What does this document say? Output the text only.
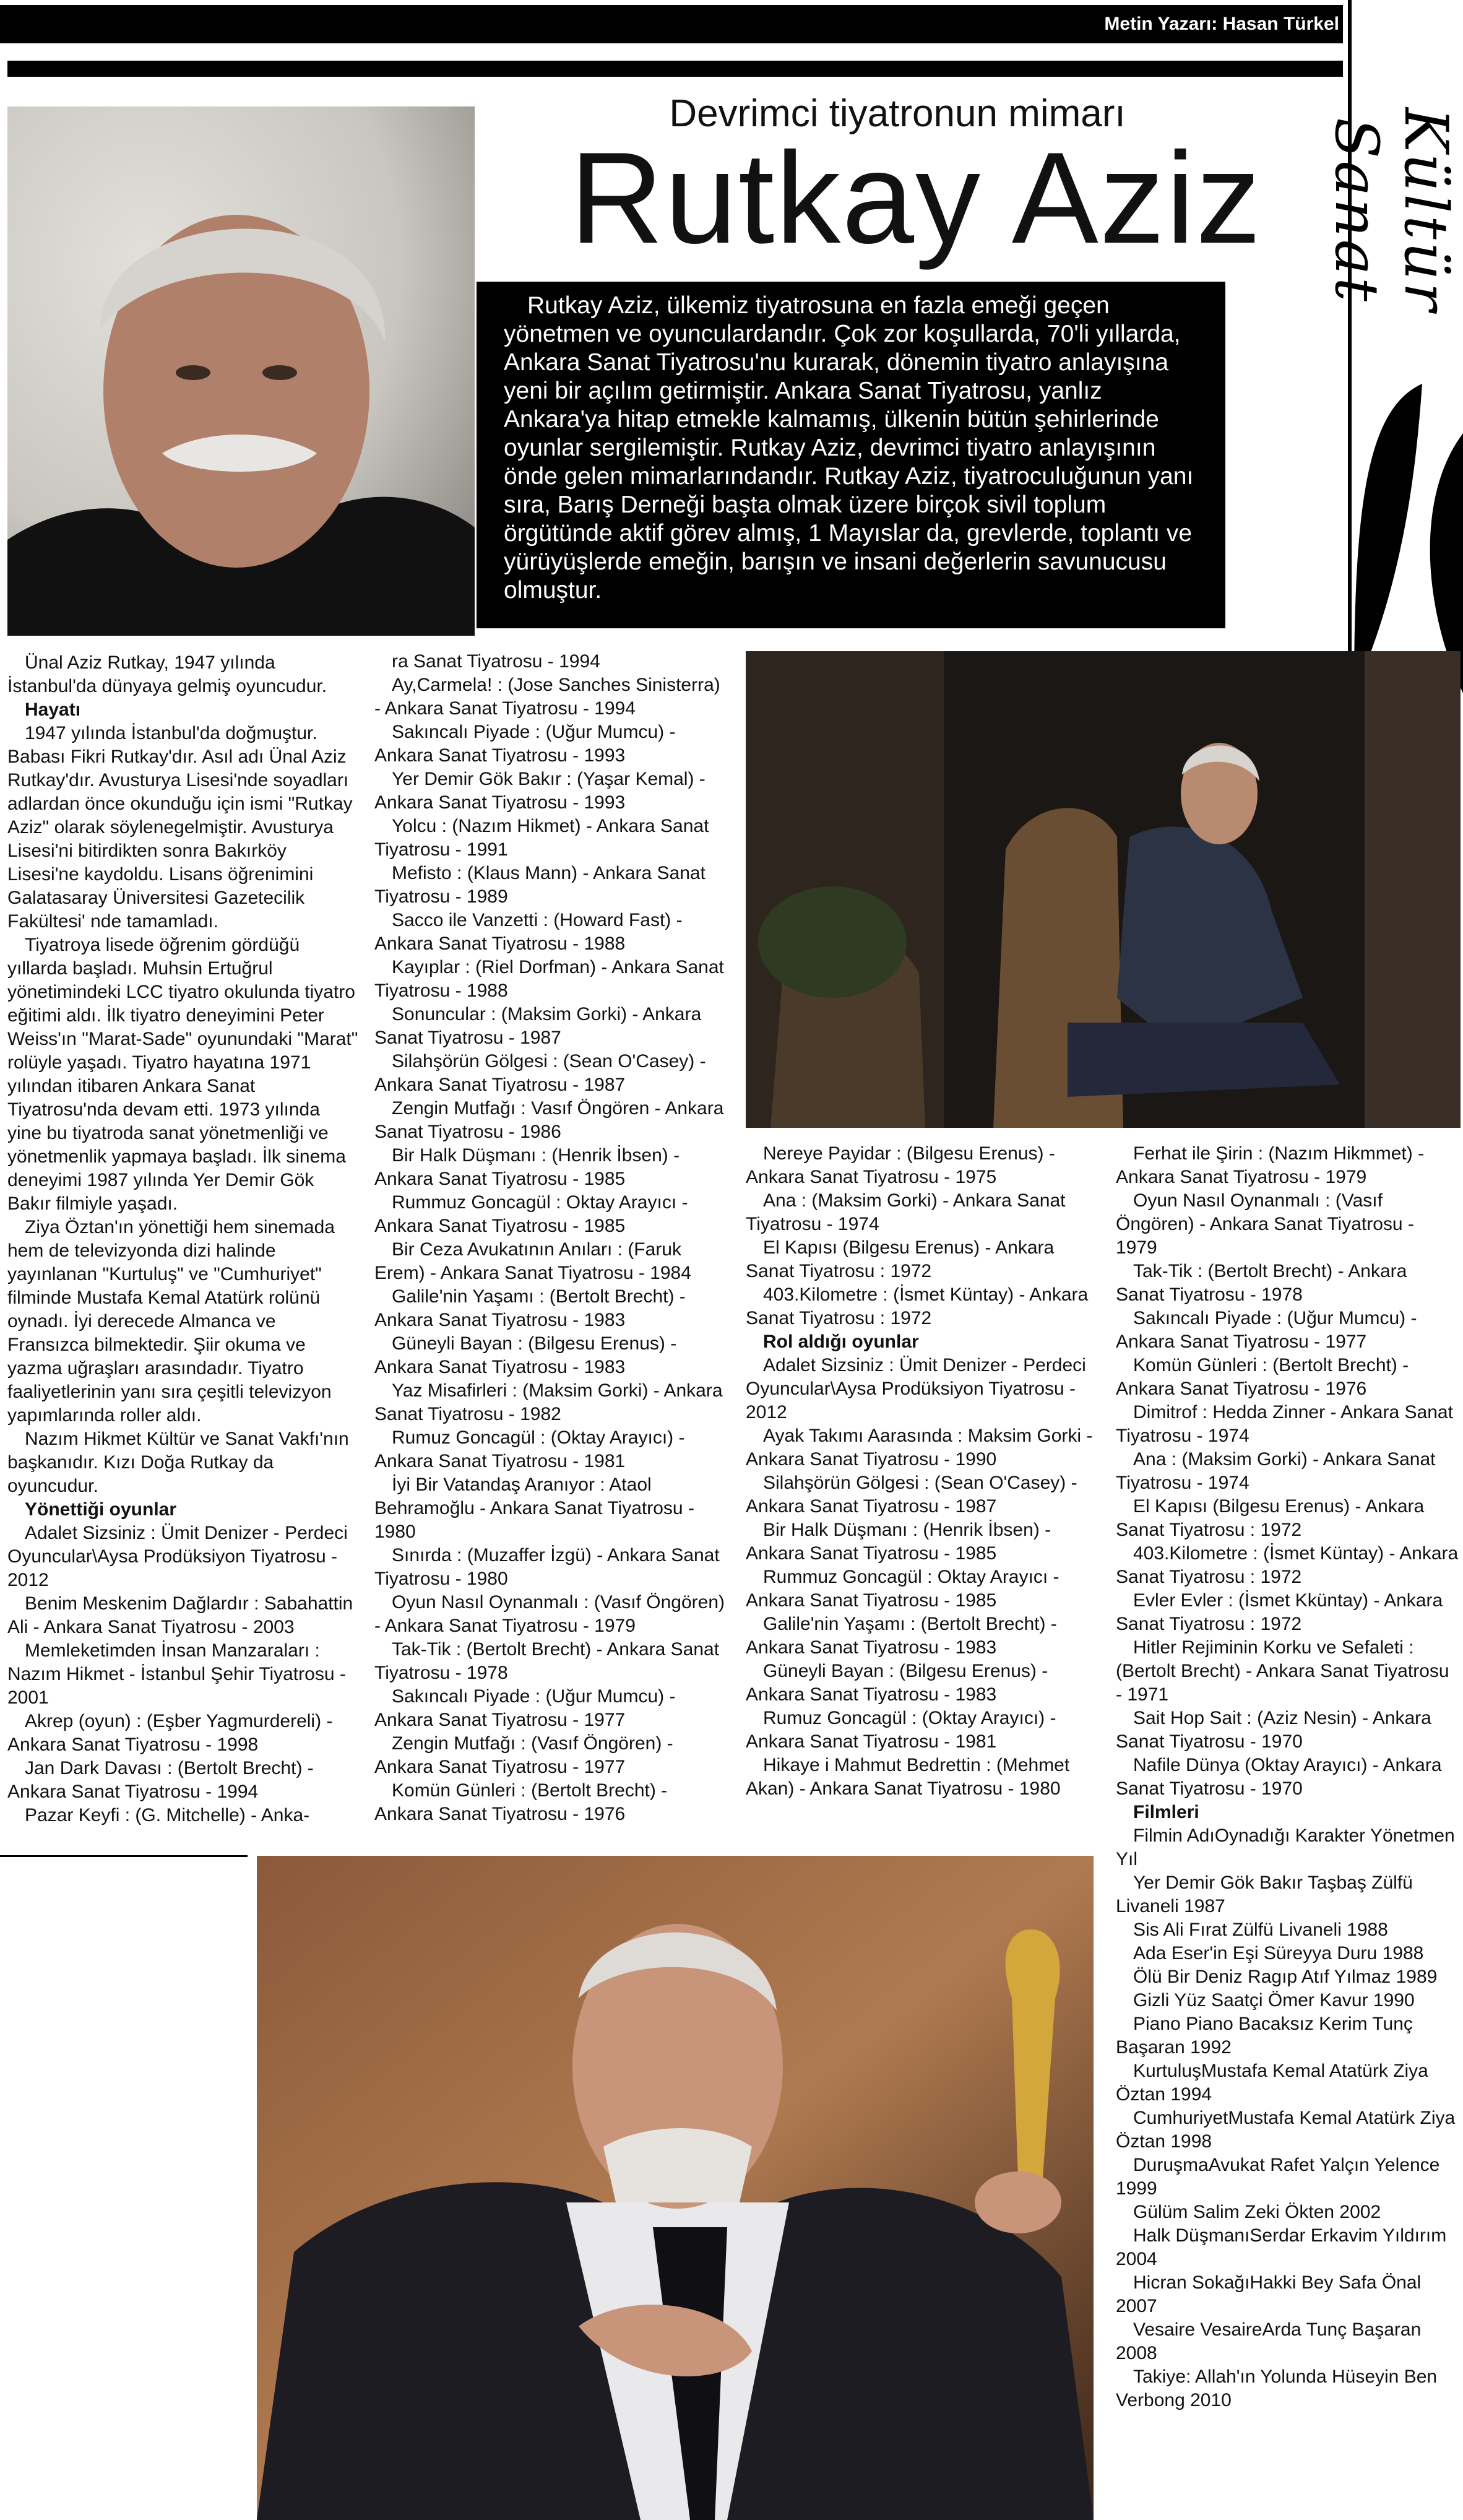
Metin Yazarı: Hasan Türkel
Kültür Sanat
Devrimci tiyatronun mimarı
Rutkay Aziz

Rutkay Aziz, ülkemiz tiyatrosuna en fazla emeği geçen yönetmen ve oyunculardandır. Çok zor koşullarda, 70'li yıllarda, Ankara Sanat Tiyatrosu'nu kurarak, dönemin tiyatro anlayışına yeni bir açılım getirmiştir. Ankara Sanat Tiyatrosu, yanlız Ankara'ya hitap etmekle kalmamış, ülkenin bütün şehirlerinde oyunlar sergilemiştir. Rutkay Aziz, devrimci tiyatro anlayışının önde gelen mimarlarındandır. Rutkay Aziz, tiyatroculuğunun yanı sıra, Barış Derneği başta olmak üzere birçok sivil toplum örgütünde aktif görev almış, 1 Mayıslar da, grevlerde, toplantı ve yürüyüşlerde emeğin, barışın ve insani değerlerin savunucusu olmuştur.

Ünal Aziz Rutkay, 1947 yılında İstanbul'da dünyaya gelmiş oyuncudur.

Hayatı

1947 yılında İstanbul'da doğmuştur. Babası Fikri Rutkay'dır. Asıl adı Ünal Aziz Rutkay'dır. Avusturya Lisesi'nde soyadları adlardan önce okunduğu için ismi "Rutkay Aziz" olarak söylenegelmiştir. Avusturya Lisesi'ni bitirdikten sonra Bakırköy Lisesi'ne kaydoldu. Lisans öğrenimini Galatasaray Üniversitesi Gazetecilik Fakültesi' nde tamamladı.

Tiyatroya lisede öğrenim gördüğü yıllarda başladı. Muhsin Ertuğrul yönetimindeki LCC tiyatro okulunda tiyatro eğitimi aldı. İlk tiyatro deneyimini Peter Weiss'ın "Marat-Sade" oyunundaki "Marat" rolüyle yaşadı. Tiyatro hayatına 1971 yılından itibaren Ankara Sanat Tiyatrosu'nda devam etti. 1973 yılında yine bu tiyatroda sanat yönetmenliği ve yönetmenlik yapmaya başladı. İlk sinema deneyimi 1987 yılında Yer Demir Gök Bakır filmiyle yaşadı.

Ziya Öztan'ın yönettiği hem sinemada hem de televizyonda dizi halinde yayınlanan "Kurtuluş" ve "Cumhuriyet" filminde Mustafa Kemal Atatürk rolünü oynadı. İyi derecede Almanca ve Fransızca bilmektedir. Şiir okuma ve yazma uğraşları arasındadır. Tiyatro faaliyetlerinin yanı sıra çeşitli televizyon yapımlarında roller aldı.

Nazım Hikmet Kültür ve Sanat Vakfı'nın başkanıdır. Kızı Doğa Rutkay da oyuncudur.

Yönettiği oyunlar

Adalet Sizsiniz : Ümit Denizer - Perdeci Oyuncular\Aysa Prodüksiyon Tiyatrosu - 2012

Benim Meskenim Dağlardır : Sabahattin Ali - Ankara Sanat Tiyatrosu - 2003

Memleketimden İnsan Manzaraları : Nazım Hikmet - İstanbul Şehir Tiyatrosu - 2001

Akrep (oyun) : (Eşber Yagmurdereli) - Ankara Sanat Tiyatrosu - 1998

Jan Dark Davası : (Bertolt Brecht) - Ankara Sanat Tiyatrosu - 1994

Pazar Keyfi : (G. Mitchelle) - Anka-

ra Sanat Tiyatrosu - 1994

Ay,Carmela! : (Jose Sanches Sinisterra) - Ankara Sanat Tiyatrosu - 1994

Sakıncalı Piyade : (Uğur Mumcu) - Ankara Sanat Tiyatrosu - 1993

Yer Demir Gök Bakır : (Yaşar Kemal) - Ankara Sanat Tiyatrosu - 1993

Yolcu : (Nazım Hikmet) - Ankara Sanat Tiyatrosu - 1991

Mefisto : (Klaus Mann) - Ankara Sanat Tiyatrosu - 1989

Sacco ile Vanzetti : (Howard Fast) - Ankara Sanat Tiyatrosu - 1988

Kayıplar : (Riel Dorfman) - Ankara Sanat Tiyatrosu - 1988

Sonuncular : (Maksim Gorki) - Ankara Sanat Tiyatrosu - 1987

Silahşörün Gölgesi : (Sean O'Casey) - Ankara Sanat Tiyatrosu - 1987

Zengin Mutfağı : Vasıf Öngören - Ankara Sanat Tiyatrosu - 1986

Bir Halk Düşmanı : (Henrik İbsen) - Ankara Sanat Tiyatrosu - 1985

Rummuz Goncagül : Oktay Arayıcı - Ankara Sanat Tiyatrosu - 1985

Bir Ceza Avukatının Anıları : (Faruk Erem) - Ankara Sanat Tiyatrosu - 1984

Galile'nin Yaşamı : (Bertolt Brecht) - Ankara Sanat Tiyatrosu - 1983

Güneyli Bayan : (Bilgesu Erenus) - Ankara Sanat Tiyatrosu - 1983

Yaz Misafirleri : (Maksim Gorki) - Ankara Sanat Tiyatrosu - 1982

Rumuz Goncagül : (Oktay Arayıcı) - Ankara Sanat Tiyatrosu - 1981

İyi Bir Vatandaş Aranıyor : Ataol Behramoğlu - Ankara Sanat Tiyatrosu - 1980

Sınırda : (Muzaffer İzgü) - Ankara Sanat Tiyatrosu - 1980

Oyun Nasıl Oynanmalı : (Vasıf Öngören) - Ankara Sanat Tiyatrosu - 1979

Tak-Tik : (Bertolt Brecht) - Ankara Sanat Tiyatrosu - 1978

Sakıncalı Piyade : (Uğur Mumcu) - Ankara Sanat Tiyatrosu - 1977

Zengin Mutfağı : (Vasıf Öngören) - Ankara Sanat Tiyatrosu - 1977

Komün Günleri : (Bertolt Brecht) - Ankara Sanat Tiyatrosu - 1976

Nereye Payidar : (Bilgesu Erenus) - Ankara Sanat Tiyatrosu - 1975

Ana : (Maksim Gorki) - Ankara Sanat Tiyatrosu - 1974

El Kapısı (Bilgesu Erenus) - Ankara Sanat Tiyatrosu : 1972

403.Kilometre : (İsmet Küntay) - Ankara Sanat Tiyatrosu : 1972

Rol aldığı oyunlar

Adalet Sizsiniz : Ümit Denizer - Perdeci Oyuncular\Aysa Prodüksiyon Tiyatrosu - 2012

Ayak Takımı Aarasında : Maksim Gorki - Ankara Sanat Tiyatrosu - 1990

Silahşörün Gölgesi : (Sean O'Casey) - Ankara Sanat Tiyatrosu - 1987

Bir Halk Düşmanı : (Henrik İbsen) - Ankara Sanat Tiyatrosu - 1985

Rummuz Goncagül : Oktay Arayıcı - Ankara Sanat Tiyatrosu - 1985

Galile'nin Yaşamı : (Bertolt Brecht) - Ankara Sanat Tiyatrosu - 1983

Güneyli Bayan : (Bilgesu Erenus) - Ankara Sanat Tiyatrosu - 1983

Rumuz Goncagül : (Oktay Arayıcı) - Ankara Sanat Tiyatrosu - 1981

Hikaye i Mahmut Bedrettin : (Mehmet Akan) - Ankara Sanat Tiyatrosu - 1980

Ferhat ile Şirin : (Nazım Hikmmet) - Ankara Sanat Tiyatrosu - 1979

Oyun Nasıl Oynanmalı : (Vasıf Öngören) - Ankara Sanat Tiyatrosu - 1979

Tak-Tik : (Bertolt Brecht) - Ankara Sanat Tiyatrosu - 1978

Sakıncalı Piyade : (Uğur Mumcu) - Ankara Sanat Tiyatrosu - 1977

Komün Günleri : (Bertolt Brecht) - Ankara Sanat Tiyatrosu - 1976

Dimitrof : Hedda Zinner - Ankara Sanat Tiyatrosu - 1974

Ana : (Maksim Gorki) - Ankara Sanat Tiyatrosu - 1974

El Kapısı (Bilgesu Erenus) - Ankara Sanat Tiyatrosu : 1972

403.Kilometre : (İsmet Küntay) - Ankara Sanat Tiyatrosu : 1972

Evler Evler : (İsmet Kküntay) - Ankara Sanat Tiyatrosu : 1972

Hitler Rejiminin Korku ve Sefaleti : (Bertolt Brecht) - Ankara Sanat Tiyatrosu - 1971

Sait Hop Sait : (Aziz Nesin) - Ankara Sanat Tiyatrosu - 1970

Nafile Dünya (Oktay Arayıcı) - Ankara Sanat Tiyatrosu - 1970

Filmleri

Filmin AdıOynadığı Karakter Yönetmen Yıl

Yer Demir Gök Bakır Taşbaş Zülfü Livaneli 1987

Sis Ali Fırat Zülfü Livaneli 1988

Ada Eser'in Eşi Süreyya Duru 1988

Ölü Bir Deniz Ragıp Atıf Yılmaz 1989

Gizli Yüz Saatçi Ömer Kavur 1990

Piano Piano Bacaksız Kerim Tunç Başaran 1992

KurtuluşMustafa Kemal Atatürk Ziya Öztan 1994

CumhuriyetMustafa Kemal Atatürk Ziya Öztan 1998

DuruşmaAvukat Rafet Yalçın Yelence 1999

Gülüm Salim Zeki Ökten 2002

Halk DüşmanıSerdar Erkavim Yıldırım 2004

Hicran SokağıHakki Bey Safa Önal 2007

Vesaire VesaireArda Tunç Başaran 2008

Takiye: Allah'ın Yolunda Hüseyin Ben Verbong 2010
